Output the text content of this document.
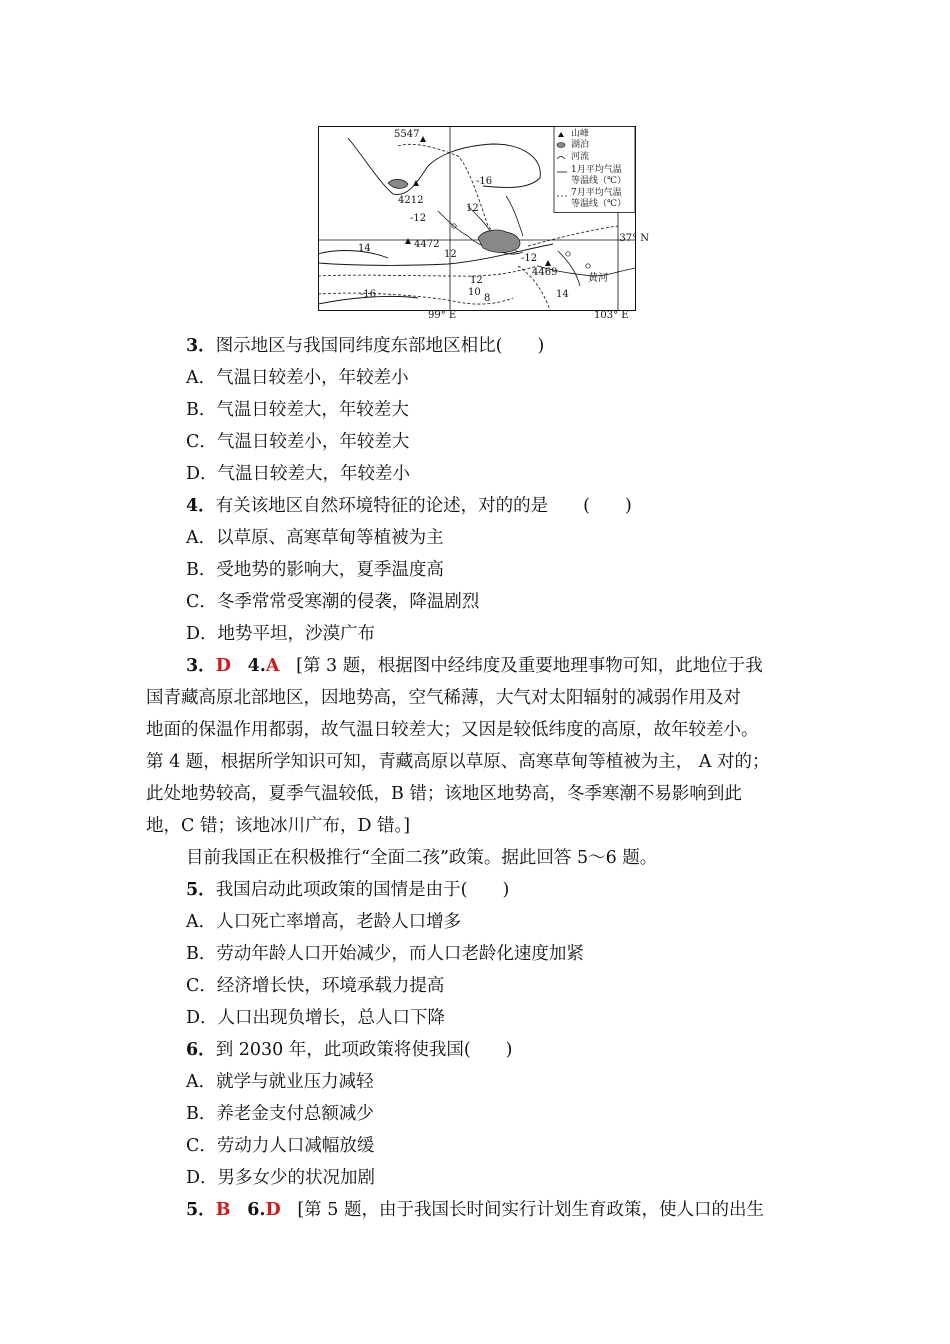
山峰
湖泊
河流
1月平均气温
等温线（℃）
7月平均气温
等温线（℃）
5547
4212
4472
4469
-16
-12
12
14
-12
12
12
10
8
-16	14
黄河
37° N
99° E	103° E
3．图示地区与我国同纬度东部地区相比(　　)
A．气温日较差小，年较差小
B．气温日较差大，年较差大
C．气温日较差小，年较差大
D．气温日较差大，年较差小
4．有关该地区自然环境特征的论述，对的的是　　(　　)
A．以草原、高寒草甸等植被为主
B．受地势的影响大，夏季温度高
C．冬季常常受寒潮的侵袭，降温剧烈
D．地势平坦，沙漠广布
3．D 4.A [第 3 题，根据图中经纬度及重要地理事物可知，此地位于我
国青藏高原北部地区，因地势高，空气稀薄，大气对太阳辐射的减弱作用及对
地面的保温作用都弱，故气温日较差大；又因是较低纬度的高原，故年较差小。
第 4 题，根据所学知识可知，青藏高原以草原、高寒草甸等植被为主， A 对的；
此处地势较高，夏季气温较低，B 错；该地区地势高，冬季寒潮不易影响到此
地，C 错；该地冰川广布，D 错。]
目前我国正在积极推行“全面二孩”政策。据此回答 5～6 题。
5．我国启动此项政策的国情是由于(　　)
A．人口死亡率增高，老龄人口增多
B．劳动年龄人口开始减少，而人口老龄化速度加紧
C．经济增长快，环境承载力提高
D．人口出现负增长，总人口下降
6．到 2030 年，此项政策将使我国(　　)
A．就学与就业压力减轻
B．养老金支付总额减少
C．劳动力人口减幅放缓
D．男多女少的状况加剧
5．B 6.D [第 5 题，由于我国长时间实行计划生育政策，使人口的出生
